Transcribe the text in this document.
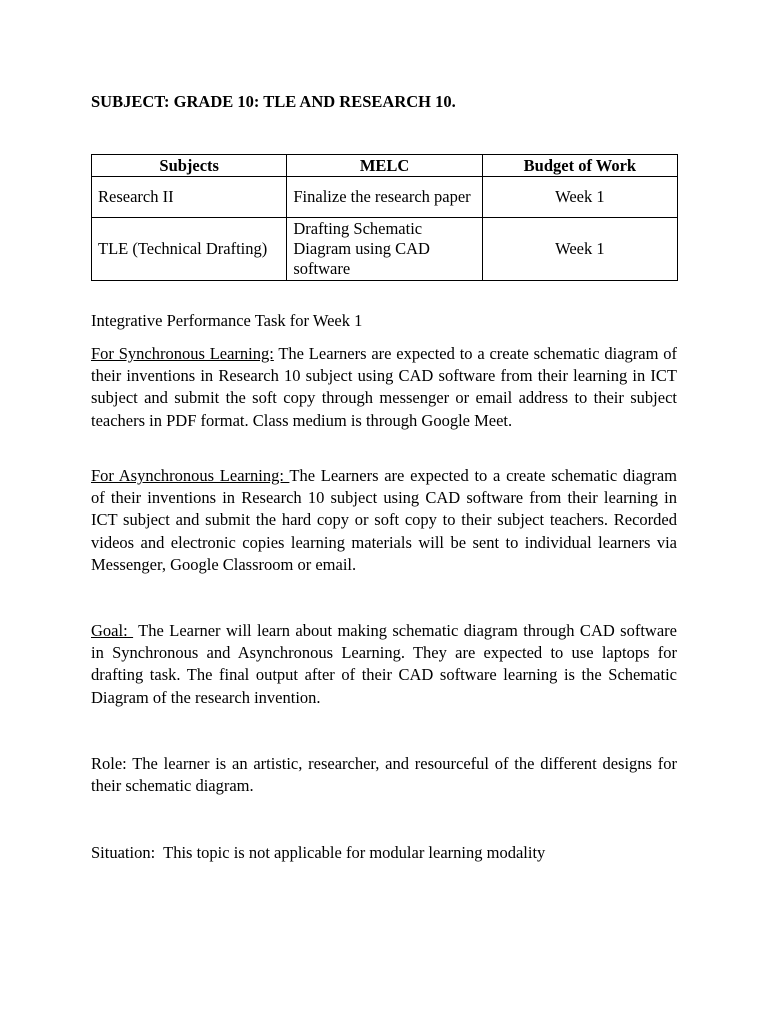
SUBJECT: GRADE 10: TLE AND RESEARCH 10.
Subjects	MELC	Budget of Work
Research II	Finalize the research paper	Week 1
TLE (Technical Drafting)	Drafting Schematic Diagram using CAD software	Week 1
Integrative Performance Task for Week 1
For Synchronous Learning: The Learners are expected to a create schematic diagram of their inventions in Research 10 subject using CAD software from their learning in ICT subject and submit the soft copy through messenger or email address to their subject teachers in PDF format. Class medium is through Google Meet.
For Asynchronous Learning: The Learners are expected to a create schematic diagram of their inventions in Research 10 subject using CAD software from their learning in ICT subject and submit the hard copy or soft copy to their subject teachers. Recorded videos and electronic copies learning materials will be sent to individual learners via Messenger, Google Classroom or email.
Goal:  The Learner will learn about making schematic diagram through CAD software in Synchronous and Asynchronous Learning. They are expected to use laptops for drafting task. The final output after of their CAD software learning is the Schematic Diagram of the research invention.
Role: The learner is an artistic, researcher, and resourceful of the different designs for their schematic diagram.
Situation:  This topic is not applicable for modular learning modality
